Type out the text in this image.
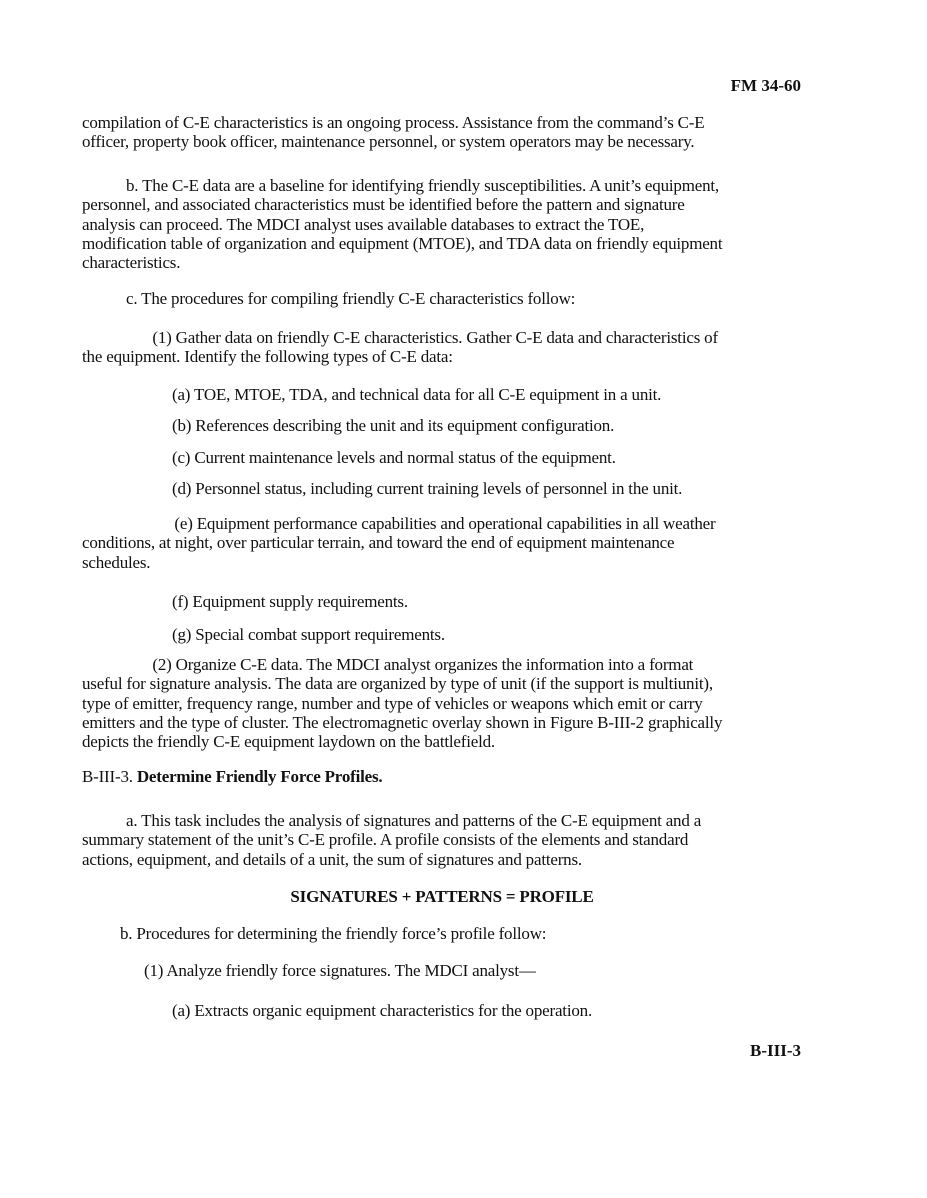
FM 34-60
compilation of C-E characteristics is an ongoing process. Assistance from the command’s C-E
officer, property book officer, maintenance personnel, or system operators may be necessary.
b. The C-E data are a baseline for identifying friendly susceptibilities. A unit’s equipment,
personnel, and associated characteristics must be identified before the pattern and signature
analysis can proceed. The MDCI analyst uses available databases to extract the TOE,
modification table of organization and equipment (MTOE), and TDA data on friendly equipment
characteristics.
c. The procedures for compiling friendly C-E characteristics follow:
(1) Gather data on friendly C-E characteristics. Gather C-E data and characteristics of
the equipment. Identify the following types of C-E data:
(a) TOE, MTOE, TDA, and technical data for all C-E equipment in a unit.
(b) References describing the unit and its equipment configuration.
(c) Current maintenance levels and normal status of the equipment.
(d) Personnel status, including current training levels of personnel in the unit.
(e) Equipment performance capabilities and operational capabilities in all weather
conditions, at night, over particular terrain, and toward the end of equipment maintenance
schedules.
(f) Equipment supply requirements.
(g) Special combat support requirements.
(2) Organize C-E data. The MDCI analyst organizes the information into a format
useful for signature analysis. The data are organized by type of unit (if the support is multiunit),
type of emitter, frequency range, number and type of vehicles or weapons which emit or carry
emitters and the type of cluster. The electromagnetic overlay shown in Figure B-III-2 graphically
depicts the friendly C-E equipment laydown on the battlefield.
B-III-3. Determine Friendly Force Profiles.
a. This task includes the analysis of signatures and patterns of the C-E equipment and a
summary statement of the unit’s C-E profile. A profile consists of the elements and standard
actions, equipment, and details of a unit, the sum of signatures and patterns.
SIGNATURES + PATTERNS = PROFILE
b. Procedures for determining the friendly force’s profile follow:
(1) Analyze friendly force signatures. The MDCI analyst—
(a) Extracts organic equipment characteristics for the operation.
B-III-3
